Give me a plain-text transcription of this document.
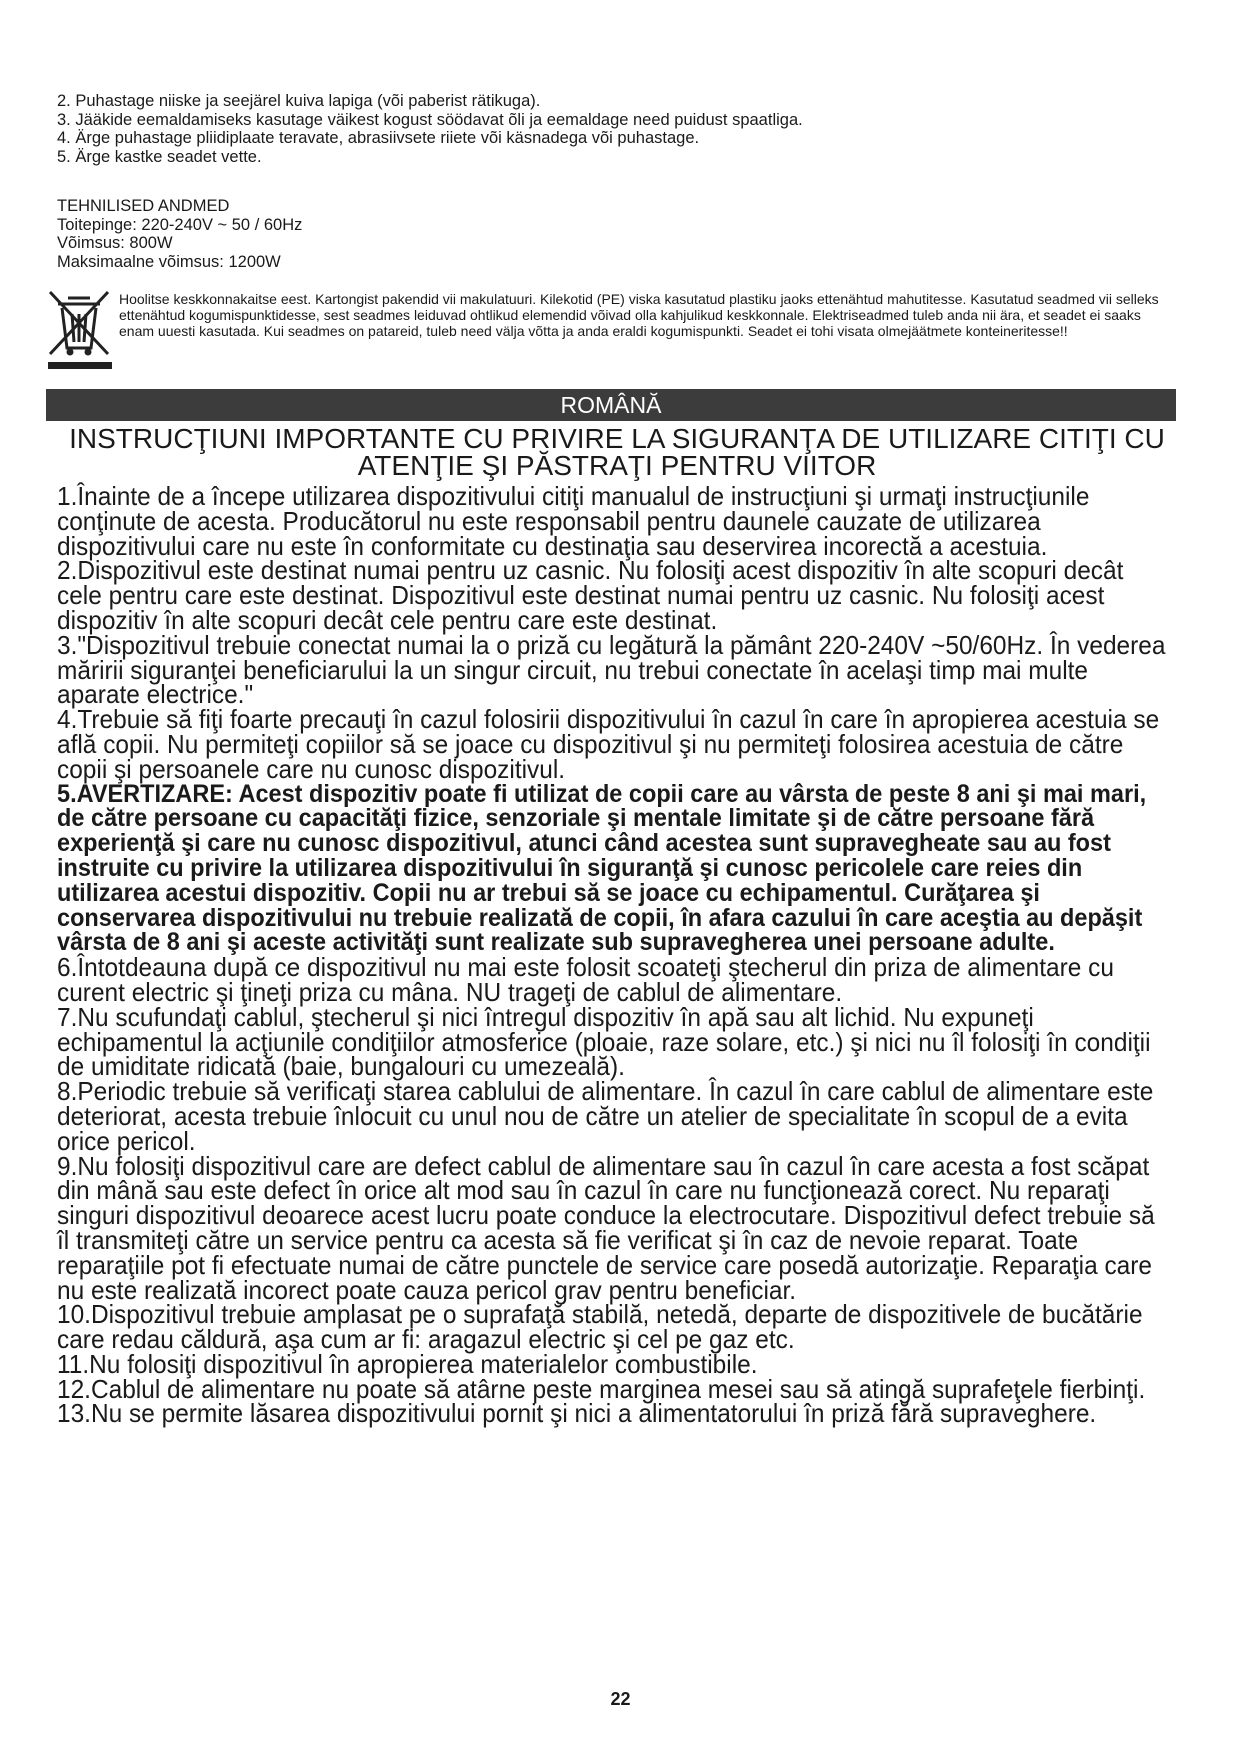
2. Puhastage niiske ja seejärel kuiva lapiga (või paberist rätikuga).

3. Jääkide eemaldamiseks kasutage väikest kogust söödavat õli ja eemaldage need puidust spaatliga.

4. Ärge puhastage pliidiplaate teravate, abrasiivsete riiete või käsnadega või puhastage.

5. Ärge kastke seadet vette.

TEHNILISED ANDMED

Toitepinge: 220-240V ~ 50 / 60Hz

Võimsus: 800W

Maksimaalne võimsus: 1200W

Hoolitse keskkonnakaitse eest. Kartongist pakendid vii makulatuuri. Kilekotid (PE) viska kasutatud plastiku jaoks ettenähtud mahutitesse. Kasutatud seadmed vii selleks ettenähtud kogumispunktidesse, sest seadmes leiduvad ohtlikud elemendid võivad olla kahjulikud keskkonnale. Elektriseadmed tuleb anda nii ära, et seadet ei saaks enam uuesti kasutada. Kui seadmes on patareid, tuleb need välja võtta ja anda eraldi kogumispunkti. Seadet ei tohi visata olmejäätmete konteineritesse!!

ROMÂNĂ
INSTRUCŢIUNI IMPORTANTE CU PRIVIRE LA SIGURANŢA DE UTILIZARE CITIŢI CU ATENŢIE ŞI PĂSTRAŢI PENTRU VIITOR

1.Înainte de a începe utilizarea dispozitivului citiţi manualul de instrucţiuni şi urmaţi instrucţiunile conţinute de acesta. Producătorul nu este responsabil pentru daunele cauzate de utilizarea dispozitivului care nu este în conformitate cu destinaţia sau deservirea incorectă a acestuia.

2.Dispozitivul este destinat numai pentru uz casnic. Nu folosiţi acest dispozitiv în alte scopuri decât cele pentru care este destinat. Dispozitivul este destinat numai pentru uz casnic. Nu folosiţi acest dispozitiv în alte scopuri decât cele pentru care este destinat.

3."Dispozitivul trebuie conectat numai la o priză cu legătură la pământ 220-240V ~50/60Hz. În vederea măririi siguranţei beneficiarului la un singur circuit, nu trebui conectate în acelaşi timp mai multe aparate electrice."

4.Trebuie să fiţi foarte precauţi în cazul folosirii dispozitivului în cazul în care în apropierea acestuia se află copii. Nu permiteţi copiilor să se joace cu dispozitivul şi nu permiteţi folosirea acestuia de către copii şi persoanele care nu cunosc dispozitivul.

5.AVERTIZARE: Acest dispozitiv poate fi utilizat de copii care au vârsta de peste 8 ani şi mai mari, de către persoane cu capacităţi fizice, senzoriale şi mentale limitate şi de către persoane fără experienţă şi care nu cunosc dispozitivul, atunci când acestea sunt supravegheate sau au fost instruite cu privire la utilizarea dispozitivului în siguranţă şi cunosc pericolele care reies din utilizarea acestui dispozitiv. Copii nu ar trebui să se joace cu echipamentul. Curăţarea şi conservarea dispozitivului nu trebuie realizată de copii, în afara cazului în care aceştia au depăşit vârsta de 8 ani şi aceste activităţi sunt realizate sub supravegherea unei persoane adulte.

6.Întotdeauna după ce dispozitivul nu mai este folosit scoateţi ştecherul din priza de alimentare cu curent electric şi ţineţi priza cu mâna. NU trageţi de cablul de alimentare.

7.Nu scufundaţi cablul, ştecherul şi nici întregul dispozitiv în apă sau alt lichid. Nu expuneţi echipamentul la acţiunile condiţiilor atmosferice (ploaie, raze solare, etc.) şi nici nu îl folosiţi în condiţii de umiditate ridicată (baie, bungalouri cu umezeală).

8.Periodic trebuie să verificaţi starea cablului de alimentare. În cazul în care cablul de alimentare este deteriorat, acesta trebuie înlocuit cu unul nou de către un atelier de specialitate în scopul de a evita orice pericol.

9.Nu folosiţi dispozitivul care are defect cablul de alimentare sau în cazul în care acesta a fost scăpat din mână sau este defect în orice alt mod sau în cazul în care nu funcţionează corect. Nu reparaţi singuri dispozitivul deoarece acest lucru poate conduce la electrocutare. Dispozitivul defect trebuie să îl transmiteţi către un service pentru ca acesta să fie verificat şi în caz de nevoie reparat. Toate reparaţiile pot fi efectuate numai de către punctele de service care posedă autorizaţie. Reparaţia care nu este realizată incorect poate cauza pericol grav pentru beneficiar.

10.Dispozitivul trebuie amplasat pe o suprafaţă stabilă, netedă, departe de dispozitivele de bucătărie care redau căldură, aşa cum ar fi: aragazul electric şi cel pe gaz etc.

11.Nu folosiţi dispozitivul în apropierea materialelor combustibile.

12.Cablul de alimentare nu poate să atârne peste marginea mesei sau să atingă suprafeţele fierbinţi.

13.Nu se permite lăsarea dispozitivului pornit şi nici a alimentatorului în priză fără supraveghere.

22
